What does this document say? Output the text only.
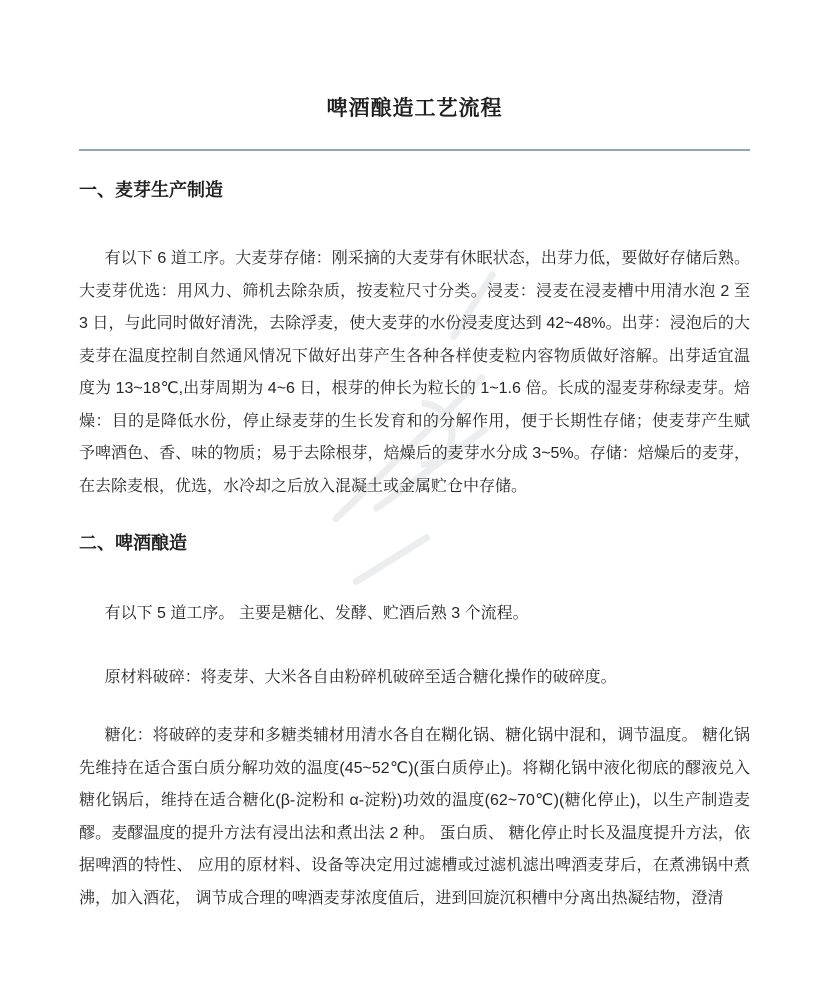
啤酒酿造工艺流程
一、麦芽生产制造

有以下 6 道工序。大麦芽存储：刚采摘的大麦芽有休眠状态，出芽力低，要做好存储后熟。大麦芽优选：用风力、筛机去除杂质，按麦粒尺寸分类。浸麦：浸麦在浸麦槽中用清水泡 2 至 3 日，与此同时做好清洗，去除浮麦，使大麦芽的水份浸麦度达到 42~48%。出芽：浸泡后的大麦芽在温度控制自然通风情况下做好出芽产生各种各样使麦粒内容物质做好溶解。出芽适宜温度为 13~18℃,出芽周期为 4~6 日，根芽的伸长为粒长的 1~1.6 倍。长成的湿麦芽称绿麦芽。焙燥：目的是降低水份，停止绿麦芽的生长发育和的分解作用，便于长期性存储；使麦芽产生赋予啤酒色、香、味的物质；易于去除根芽，焙燥后的麦芽水分成 3~5%。存储：焙燥后的麦芽，在去除麦根，优选，水冷却之后放入混凝土或金属贮仓中存储。

二、啤酒酿造

有以下 5 道工序。 主要是糖化、发酵、贮酒后熟 3 个流程。

原材料破碎：将麦芽、大米各自由粉碎机破碎至适合糖化操作的破碎度。

糖化：将破碎的麦芽和多糖类辅材用清水各自在糊化锅、糖化锅中混和，调节温度。 糖化锅先维持在适合蛋白质分解功效的温度(45~52℃)(蛋白质停止)。将糊化锅中液化彻底的醪液兑入糖化锅后，维持在适合糖化(β-淀粉和 α-淀粉)功效的温度(62~70℃)(糖化停止)，以生产制造麦醪。麦醪温度的提升方法有浸出法和煮出法 2 种。 蛋白质、 糖化停止时长及温度提升方法，依据啤酒的特性、 应用的原材料、设备等决定用过滤槽或过滤机滤出啤酒麦芽后，在煮沸锅中煮沸，加入酒花， 调节成合理的啤酒麦芽浓度值后，进到回旋沉积槽中分离出热凝结物，澄清
